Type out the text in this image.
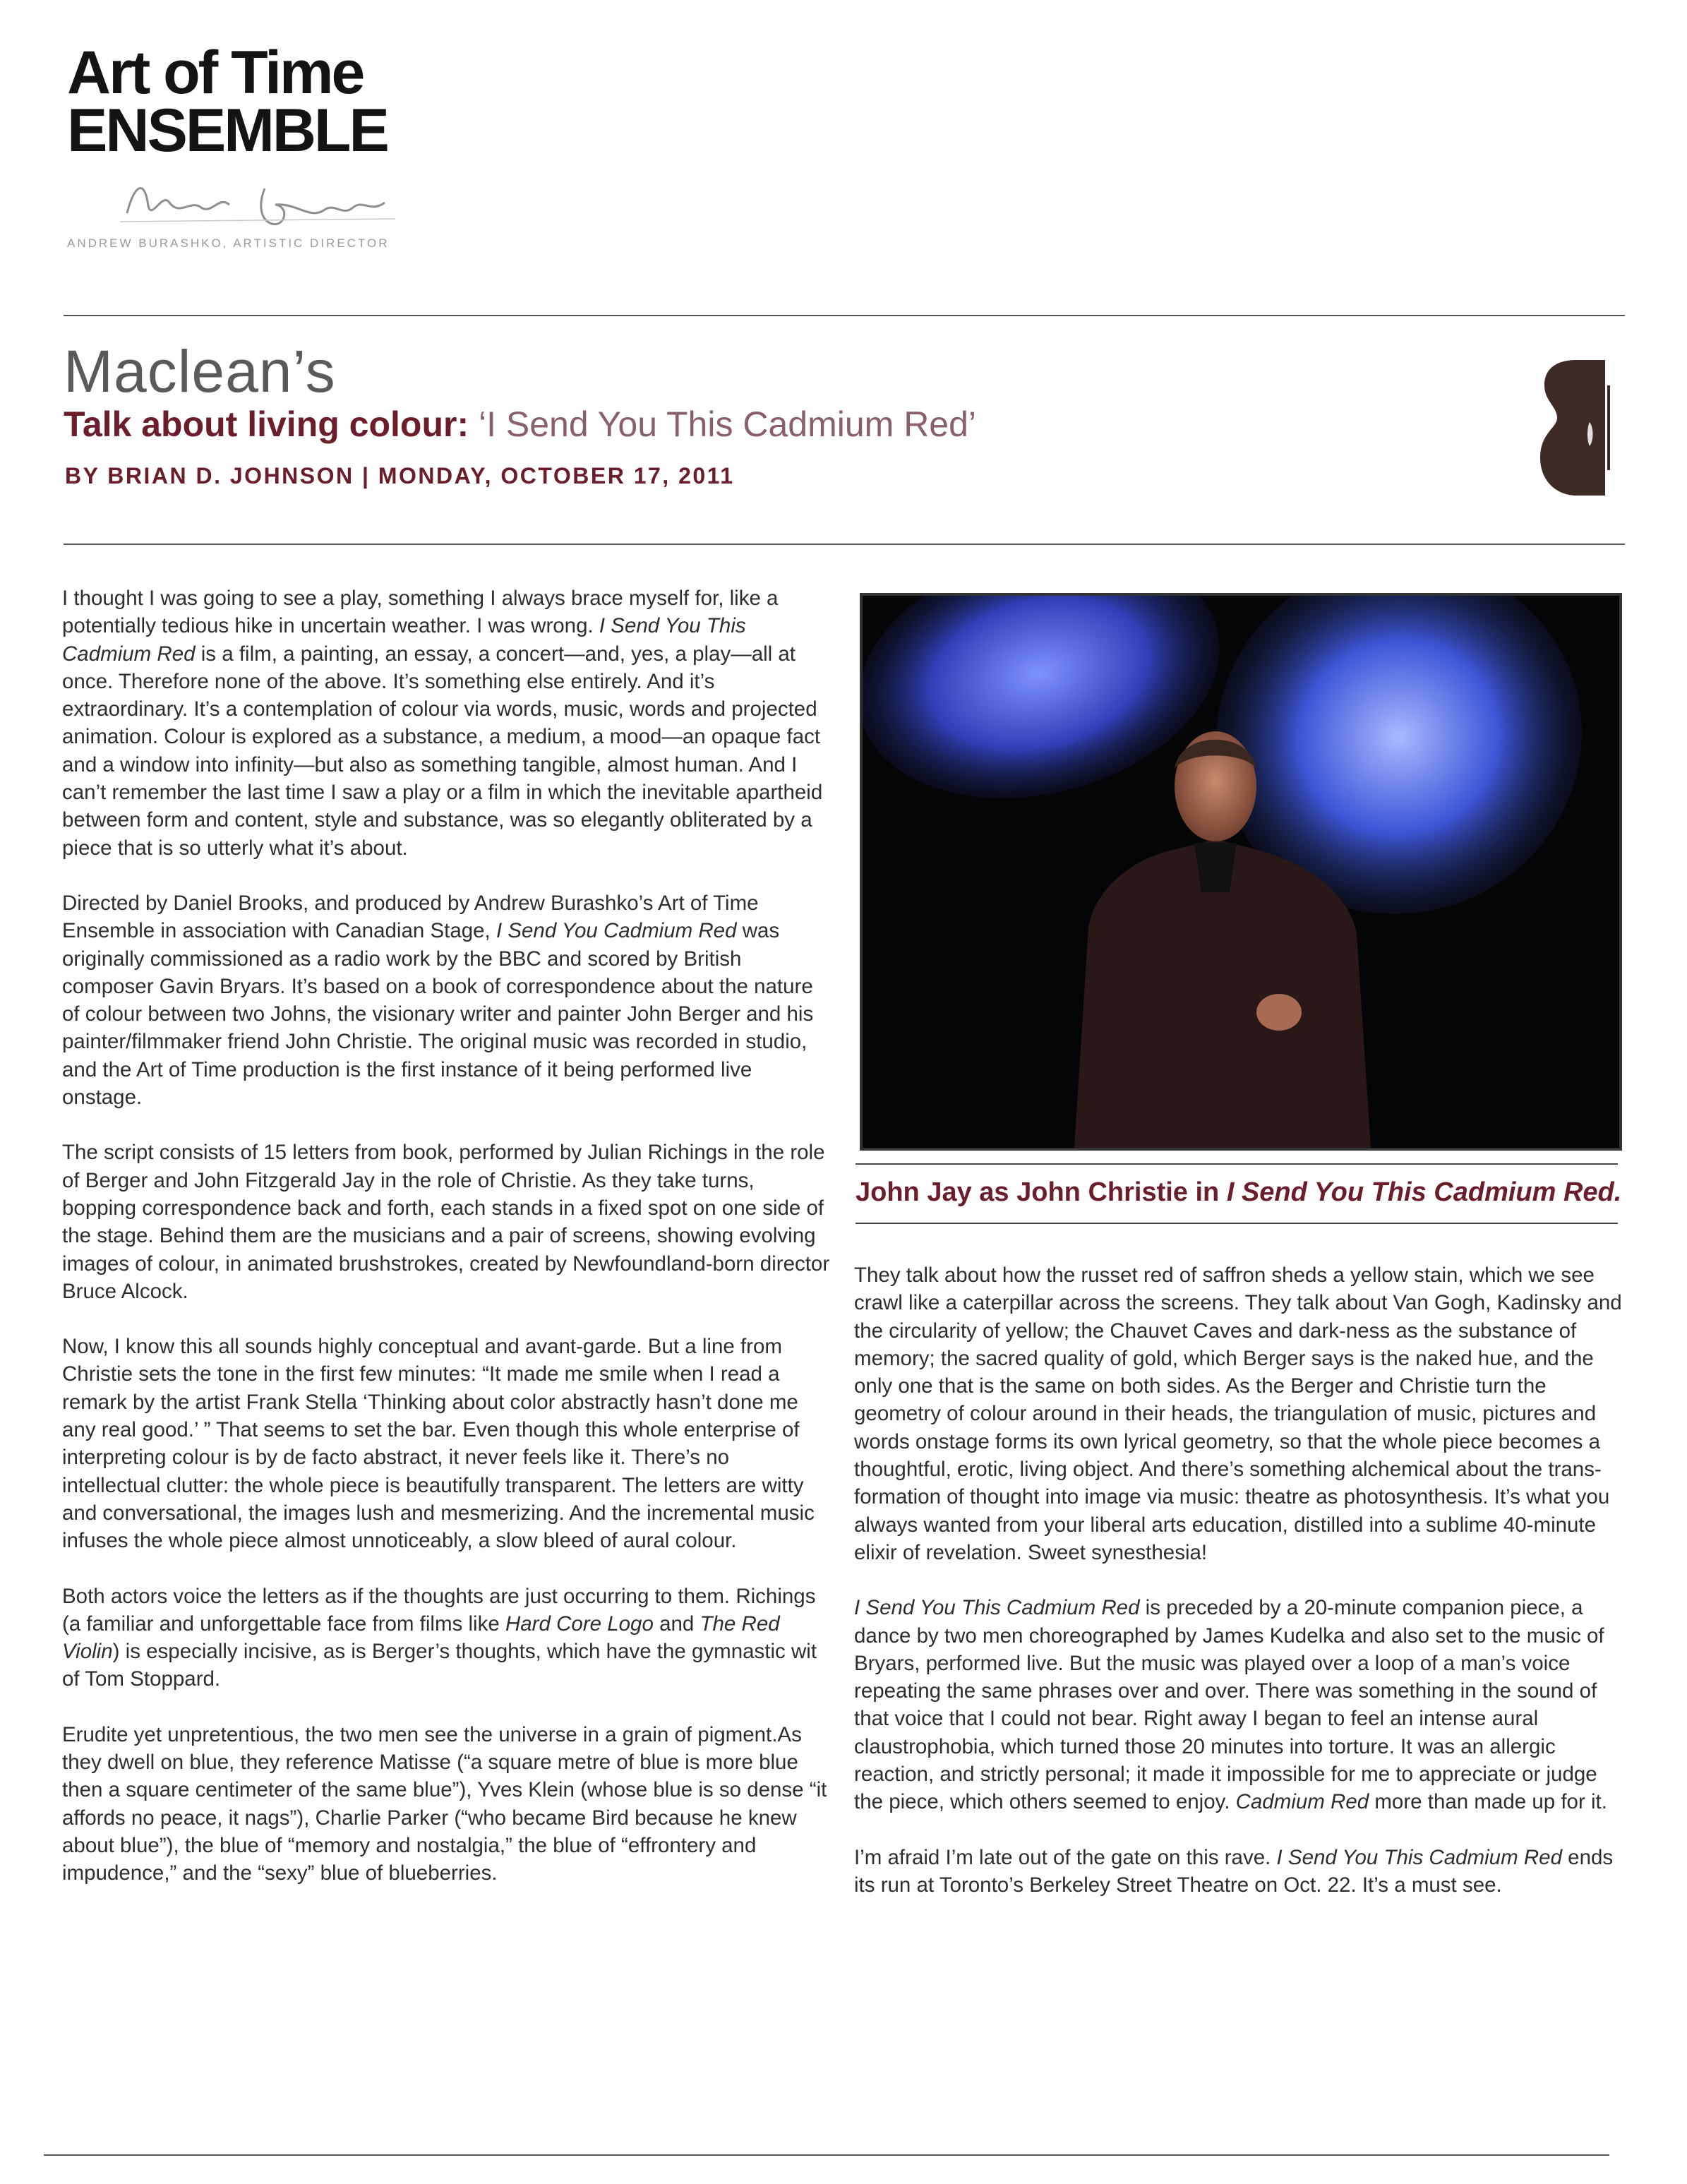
Art of Time
ENSEMBLE
ANDREW BURASHKO, ARTISTIC DIRECTOR
Maclean’s
Talk about living colour: ‘I Send You This Cadmium Red’
BY BRIAN D. JOHNSON | MONDAY, OCTOBER 17, 2011

I thought I was going to see a play, something I always brace myself for, like a potentially tedious hike in uncertain weather. I was wrong. I Send You This Cadmium Red is a film, a painting, an essay, a concert—and, yes, a play—all at once. Therefore none of the above. It’s something else entirely. And it’s extraordinary. It’s a contemplation of colour via words, music, words and projected animation. Colour is explored as a substance, a medium, a mood—an opaque fact and a window into infinity—but also as something tangible, almost human. And I can’t remember the last time I saw a play or a film in which the inevitable apartheid between form and content, style and substance, was so elegantly obliterated by a piece that is so utterly what it’s about.

Directed by Daniel Brooks, and produced by Andrew Burashko’s Art of Time Ensemble in association with Canadian Stage, I Send You Cadmium Red was originally commissioned as a radio work by the BBC and scored by British composer Gavin Bryars. It’s based on a book of correspondence about the nature of colour between two Johns, the visionary writer and painter John Berger and his painter/filmmaker friend John Christie. The original music was recorded in studio, and the Art of Time production is the first instance of it being performed live onstage.

The script consists of 15 letters from book, performed by Julian Richings in the role of Berger and John Fitzgerald Jay in the role of Christie. As they take turns, bopping correspondence back and forth, each stands in a fixed spot on one side of the stage. Behind them are the musicians and a pair of screens, showing evolving images of colour, in animated brushstrokes, created by Newfoundland-born director Bruce Alcock.

Now, I know this all sounds highly conceptual and avant-garde. But a line from Christie sets the tone in the first few minutes: “It made me smile when I read a remark by the artist Frank Stella ‘Thinking about color abstractly hasn’t done me any real good.’ ” That seems to set the bar. Even though this whole enterprise of interpreting colour is by de facto abstract, it never feels like it. There’s no intellectual clutter: the whole piece is beautifully transparent. The letters are witty and conversational, the images lush and mesmerizing. And the incremental music infuses the whole piece almost unnoticeably, a slow bleed of aural colour.

Both actors voice the letters as if the thoughts are just occurring to them. Richings (a familiar and unforgettable face from films like Hard Core Logo and The Red Violin) is especially incisive, as is Berger’s thoughts, which have the gymnastic wit of Tom Stoppard.

Erudite yet unpretentious, the two men see the universe in a grain of pigment.As they dwell on blue, they reference Matisse (“a square metre of blue is more blue then a square centimeter of the same blue”), Yves Klein (whose blue is so dense “it affords no peace, it nags”), Charlie Parker (“who became Bird because he knew about blue”), the blue of “memory and nostalgia,” the blue of “effrontery and impudence,” and the “sexy” blue of blueberries.

John Jay as John Christie in I Send You This Cadmium Red.

They talk about how the russet red of saffron sheds a yellow stain, which we see crawl like a caterpillar across the screens. They talk about Van Gogh, Kadinsky and the circularity of yellow; the Chauvet Caves and dark-ness as the substance of memory; the sacred quality of gold, which Berger says is the naked hue, and the only one that is the same on both sides. As the Berger and Christie turn the geometry of colour around in their heads, the triangulation of music, pictures and words onstage forms its own lyrical geometry, so that the whole piece becomes a thoughtful, erotic, living object. And there’s something alchemical about the trans-formation of thought into image via music: theatre as photosynthesis. It’s what you always wanted from your liberal arts education, distilled into a sublime 40-minute elixir of revelation. Sweet synesthesia!

I Send You This Cadmium Red is preceded by a 20-minute companion piece, a dance by two men choreographed by James Kudelka and also set to the music of Bryars, performed live. But the music was played over a loop of a man’s voice repeating the same phrases over and over. There was something in the sound of that voice that I could not bear. Right away I began to feel an intense aural claustrophobia, which turned those 20 minutes into torture. It was an allergic reaction, and strictly personal; it made it impossible for me to appreciate or judge the piece, which others seemed to enjoy. Cadmium Red more than made up for it.

I’m afraid I’m late out of the gate on this rave. I Send You This Cadmium Red ends its run at Toronto’s Berkeley Street Theatre on Oct. 22. It’s a must see.
